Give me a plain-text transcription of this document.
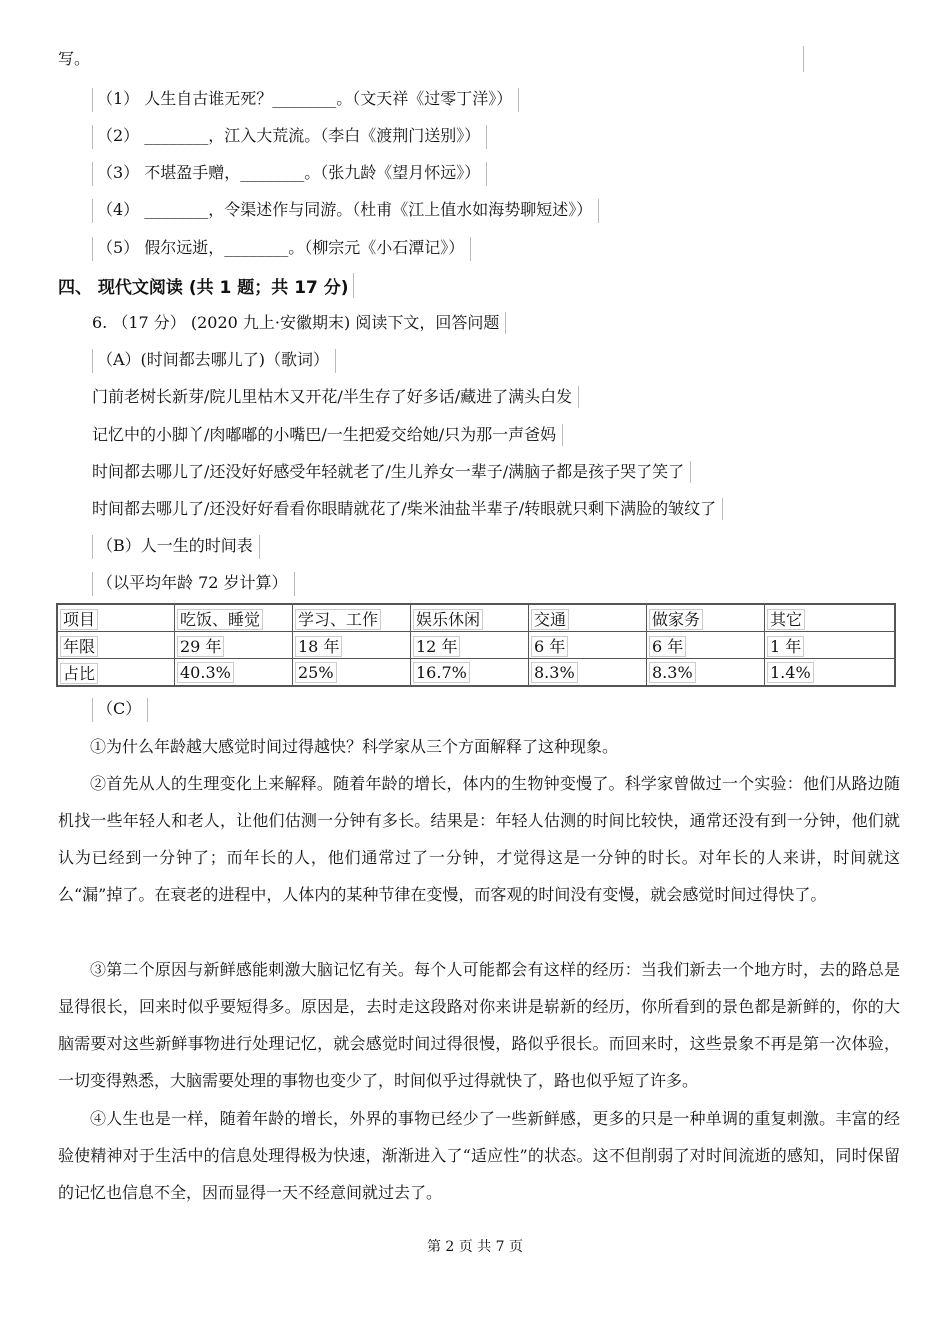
写。
（1） 人生自古谁无死？________。（文天祥《过零丁洋》）
（2） ________，江入大荒流。（李白《渡荆门送别》）
（3） 不堪盈手赠，________。（张九龄《望月怀远》）
（4） ________，令渠述作与同游。（杜甫《江上值水如海势聊短述》）
（5） 假尔远逝，________。（柳宗元《小石潭记》）
四、 现代文阅读 (共 1 题；共 17 分)
6. （17 分） (2020 九上·安徽期末) 阅读下文，回答问题
（A）(时间都去哪儿了)（歌词）
门前老树长新芽/院儿里枯木又开花/半生存了好多话/藏进了满头白发
记忆中的小脚丫/肉嘟嘟的小嘴巴/一生把爱交给她/只为那一声爸妈
时间都去哪儿了/还没好好感受年轻就老了/生儿养女一辈子/满脑子都是孩子哭了笑了
时间都去哪儿了/还没好好看看你眼睛就花了/柴米油盐半辈子/转眼就只剩下满脸的皱纹了
（B）人一生的时间表
（以平均年龄 72 岁计算）
项目	吃饭、睡觉	学习、工作	娱乐休闲	交通	做家务	其它
年限	29 年	18 年	12 年	6 年	6 年	1 年
占比	40.3%	25%	16.7%	8.3%	8.3%	1.4%
（C）
①为什么年龄越大感觉时间过得越快？科学家从三个方面解释了这种现象。
②首先从人的生理变化上来解释。随着年龄的增长，体内的生物钟变慢了。科学家曾做过一个实验：他们从路边随机找一些年轻人和老人，让他们估测一分钟有多长。结果是：年轻人估测的时间比较快，通常还没有到一分钟，他们就认为已经到一分钟了；而年长的人，他们通常过了一分钟，才觉得这是一分钟的时长。对年长的人来讲，时间就这么“漏”掉了。在衰老的进程中，人体内的某种节律在变慢，而客观的时间没有变慢，就会感觉时间过得快了。
③第二个原因与新鲜感能刺激大脑记忆有关。每个人可能都会有这样的经历：当我们新去一个地方时，去的路总是显得很长，回来时似乎要短得多。原因是，去时走这段路对你来讲是崭新的经历，你所看到的景色都是新鲜的，你的大脑需要对这些新鲜事物进行处理记忆，就会感觉时间过得很慢，路似乎很长。而回来时，这些景象不再是第一次体验，一切变得熟悉，大脑需要处理的事物也变少了，时间似乎过得就快了，路也似乎短了许多。
④人生也是一样，随着年龄的增长，外界的事物已经少了一些新鲜感，更多的只是一种单调的重复刺激。丰富的经验使精神对于生活中的信息处理得极为快速，渐渐进入了“适应性”的状态。这不但削弱了对时间流逝的感知，同时保留的记忆也信息不全，因而显得一天不经意间就过去了。
第 2 页 共 7 页
